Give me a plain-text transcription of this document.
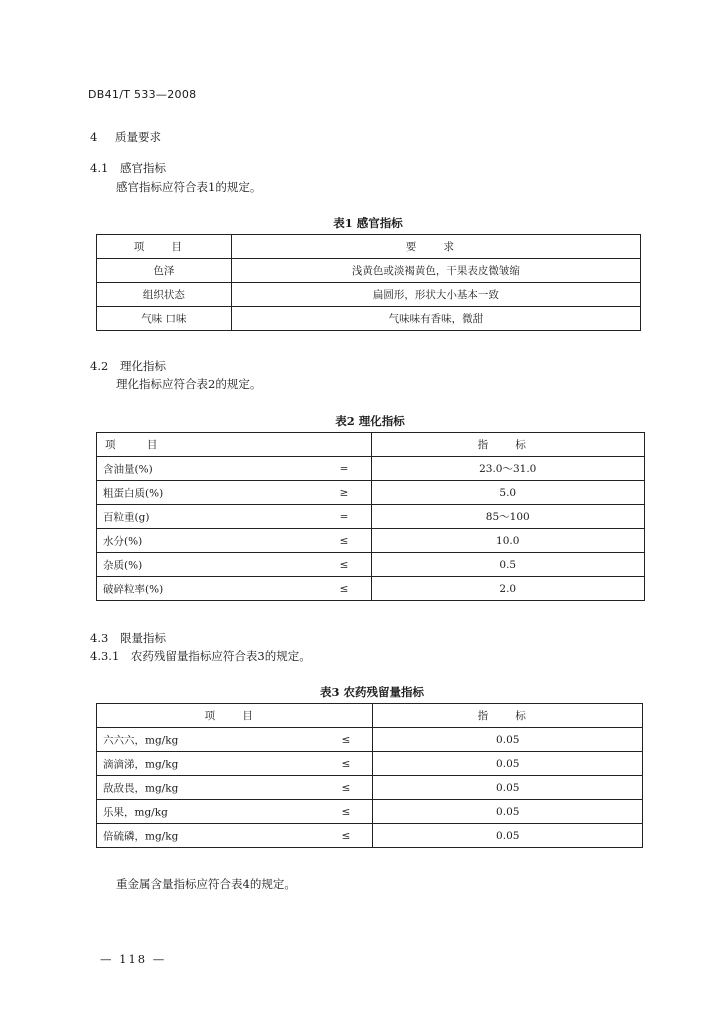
DB41/T 533—2008
4 质量要求
4.1 感官指标
感官指标应符合表1的规定。
表1 感官指标
项 目	要 求
色泽	浅黄色或淡褐黄色，干果表皮微皱缩
组织状态	扁圆形，形状大小基本一致
气味 口味	气味味有香味，微甜
4.2 理化指标
理化指标应符合表2的规定。
表2 理化指标
项 目	指 标

含油量(%) =	23.0～31.0

粗蛋白质(%) ≥	5.0

百粒重(g) =	85～100

水分(%) ≤	10.0

杂质(%) ≤	0.5

破碎粒率(%) ≤	2.0
4.3 限量指标
4.3.1 农药残留量指标应符合表3的规定。
表3 农药残留量指标
项 目	指 标

六六六，mg/kg ≤	0.05

滴滴涕，mg/kg ≤	0.05

敌敌畏，mg/kg ≤	0.05

乐果，mg/kg ≤	0.05

倍硫磷，mg/kg ≤	0.05
重金属含量指标应符合表4的规定。
— 118 —
